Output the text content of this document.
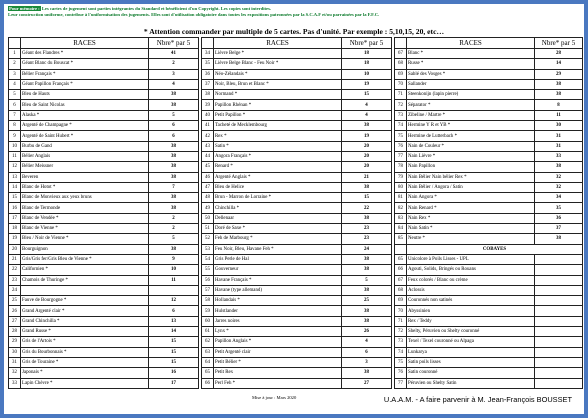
Pour mémoire : Les cartes de jugement sont parties intégrantes du Standard et bénéficient d'un Copyright. Les copies sont interdites.
Leur construction uniforme, contribue à l'uniformisation des jugements. Elles sont d'utilisation obligatoire dans toutes les expositions patronnées par la S.C.A.F et/ou parrainées par la F.F.C.
* Attention commander par multiple de 5 cartes. Pas d'unité. Par exemple : 5,10,15, 20, etc…
	RACES	Nbre* par 5
1	Géant des Flandres *	41
2	Géant Blanc du Bouscat *	2
3	Bélier Français *	3
4	Géant Papillon Français *	4
5	Bleu de Hauts	38
6	Bleu de Saint Nicolas	38
7	Alaska *	5
8	Argenté de Champagne *	6
9	Argenté de Saint Hubert *	6
10	Burbu de Gand	38
11	Bélier Anglais	38
12	Bélier Meissner	38
13	Beveren	38
14	Blanc de Hotot *	7
15	Blanc de Monvieux aux yeux bruns	38
16	Blanc de Termonde	38
17	Blanc de Vendée *	2
18	Blanc de Vienne *	2
19	Bleu / Noir de Vienne *	5
20	Bourguignon	38
21	Gris/Gris fer/Gris Bleu de Vienne *	9
22	Californien *	10
23	Chamois de Thuringe *	11
24		
25	Fauve de Bourgogne *	12
26	Grand Argenté clair *	6
27	Grand Chinchilla *	13
28	Grand Russe *	14
29	Gris de l'Artois *	15
30	Gris du Bourbonnais *	15
31	Gris de Touraine *	15
32	Japonais *	16
33	Lapin Chèvre *	17
	RACES	Nbre* par 5
34	Lièvre Belge *	18
35	Lièvre Belge Blanc - Feu Noir *	18
36	Néo-Zélandais *	10
37	Noir, Bleu, Brun et Blanc *	19
38	Normand *	15
39	Papillon Rhénan *	4
40	Petit Papillon *	4
41	Tacheté de Mecklembourg	38
42	Rex *	19
43	Satin *	20
44	Angora Français *	20
45	Renard *	20
46	Argenté Anglais *	21
47	Bleu de Helice	38
48	Brun - Marron de Lorraine *	15
49	Chinchilla *	22
50	Dellenaar	38
51	Doré de Saxe *	23
52	Feh de Marbourg *	23
53	Feu Noir, Bleu, Havane Feh *	24
54	Gris Perle de Hal	38
55	Gouverneur	38
56	Havane Français *	5
57	Havane (type allemand)	38
58	Hollandais *	25
59	Hulstlander	38
60	Jarres noires	38
61	Lynx *	26
62	Papillon Anglais *	4
63	Petit Argenté clair	6
64	Petit Bélier *	3
65	Petit Rex	38
66	Perl Feh *	27
	RACES	Nbre* par 5
67	Blanc *	28
68	Russe *	14
69	Sablé des Vosges *	29
70	Sallander	38
71	Steenkonijn (lapin pierre)	38
72	Séparator *	8
73	Zibeline / Martre *	11
74	Hermine Y R et YB *	30
75	Hermine de Lutterbach *	31
76	Nain de Couleur *	31
77	Nain Lièvre *	33
78	Nain Papillon	38
79	Nain Bélier Nain bélier Rex *	32
80	Nain Bélier / Angora / Satin	32
81	Nain Angora *	34
82	Nain Renard *	35
83	Nain Rex *	36
84	Nain Satin *	37
85	Neutre *	38
	COBAYES	
65	Unicolore à Poils Lisses - UPL	
66	Agouti, Solids, Bringés ou Rouans	
67	Feux colorés / Blanc ou crème	
68	Aclossis	
69	Couronnés non satinés	
70	Abyssinien	
71	Rex / Teddy	
72	Shelty, Péruvien ou Shelty couronné	
73	Texel / Texel couronné ou Alpaga	
74	Lunkarya	
75	Satin poils lisses	
76	Satin couronné	
77	Péruvien ou Shelty Satin	
Mise à jour : Mars 2020	U.A.A.M. - A faire parvenir à M. Jean-François BOUSSET
